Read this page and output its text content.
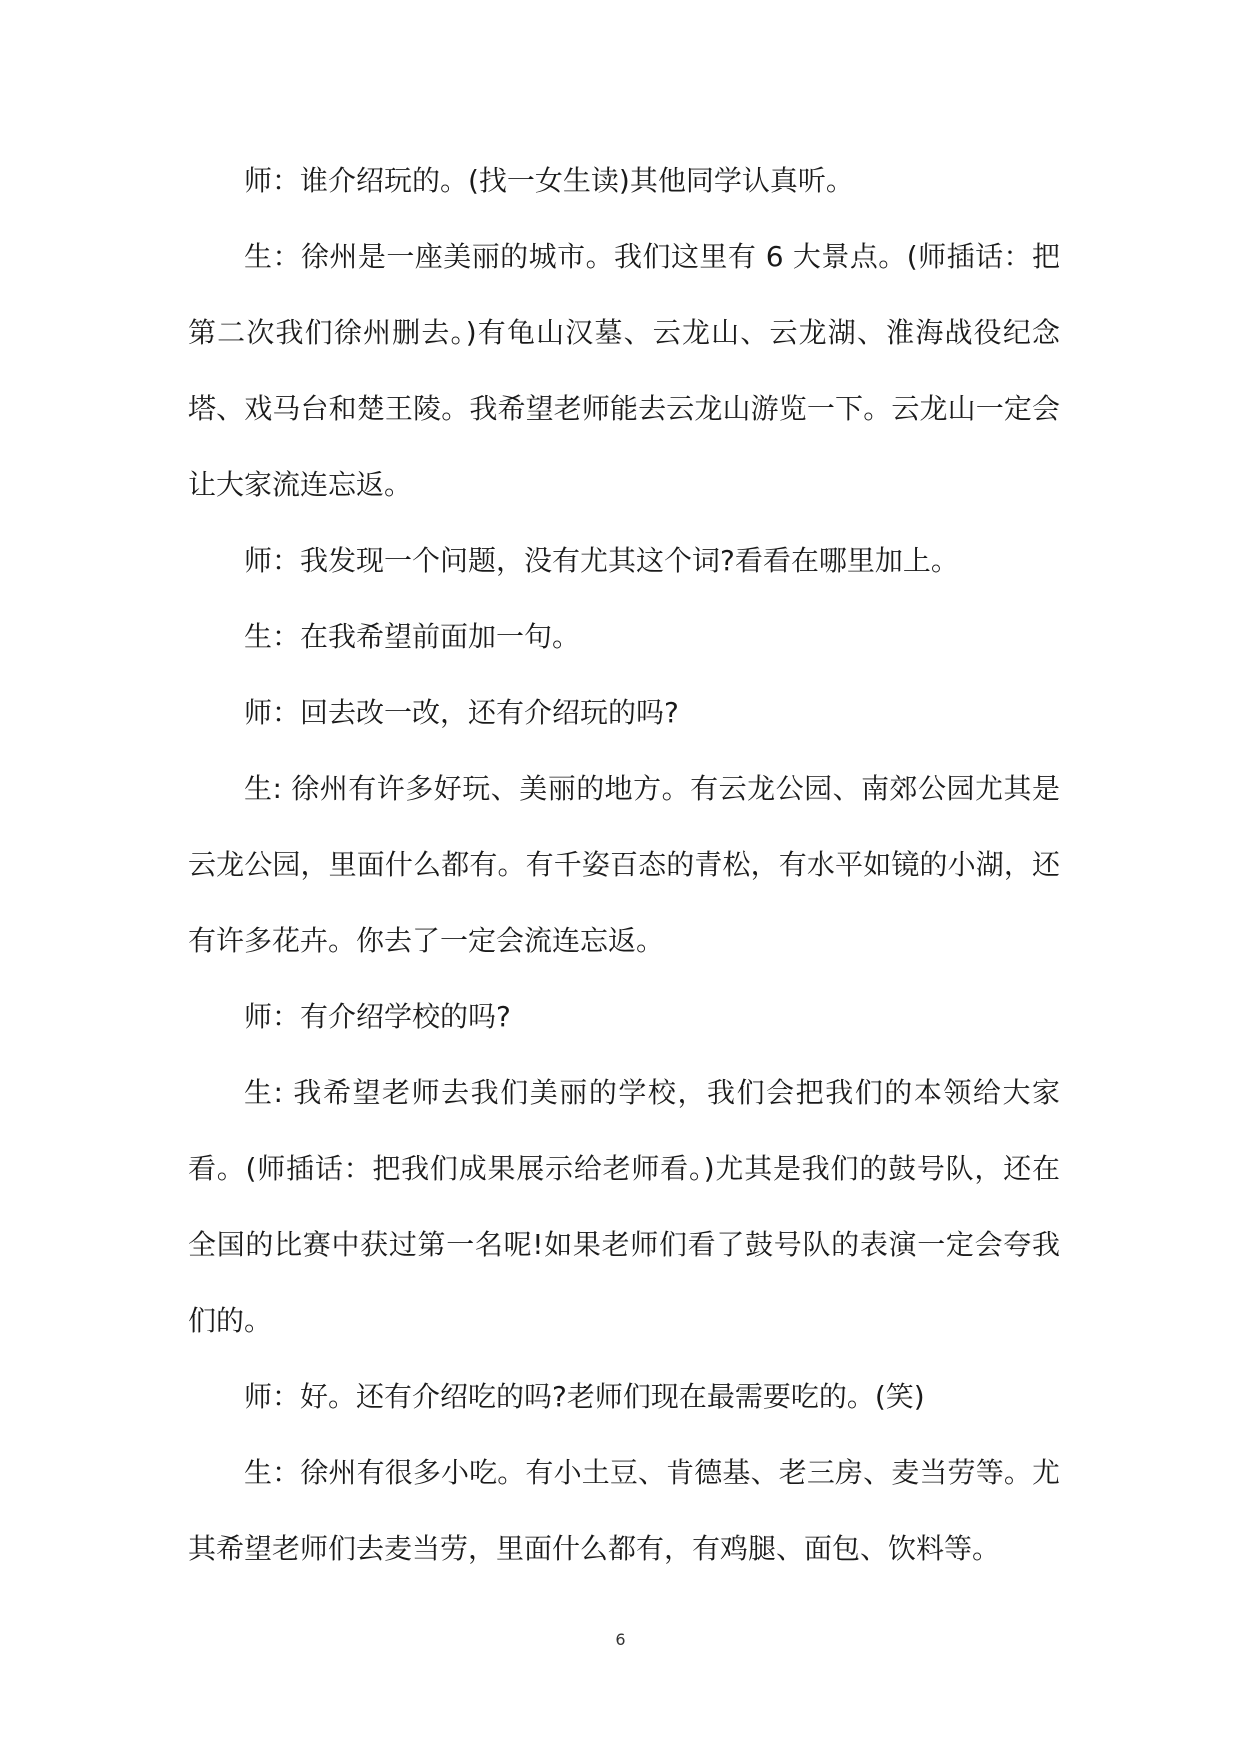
师：谁介绍玩的。(找一女生读)其他同学认真听。

生：徐州是一座美丽的城市。我们这里有 6 大景点。(师插话：把第二次我们徐州删去。)有龟山汉墓、云龙山、云龙湖、淮海战役纪念塔、戏马台和楚王陵。我希望老师能去云龙山游览一下。云龙山一定会让大家流连忘返。

师：我发现一个问题，没有尤其这个词?看看在哪里加上。

生：在我希望前面加一句。

师：回去改一改，还有介绍玩的吗?

生: 徐州有许多好玩、美丽的地方。有云龙公园、南郊公园尤其是云龙公园，里面什么都有。有千姿百态的青松，有水平如镜的小湖，还有许多花卉。你去了一定会流连忘返。

师：有介绍学校的吗?

生: 我希望老师去我们美丽的学校，我们会把我们的本领给大家看。(师插话：把我们成果展示给老师看。)尤其是我们的鼓号队，还在全国的比赛中获过第一名呢!如果老师们看了鼓号队的表演一定会夸我们的。

师：好。还有介绍吃的吗?老师们现在最需要吃的。(笑)

生：徐州有很多小吃。有小土豆、肯德基、老三房、麦当劳等。尤其希望老师们去麦当劳，里面什么都有，有鸡腿、面包、饮料等。

6
